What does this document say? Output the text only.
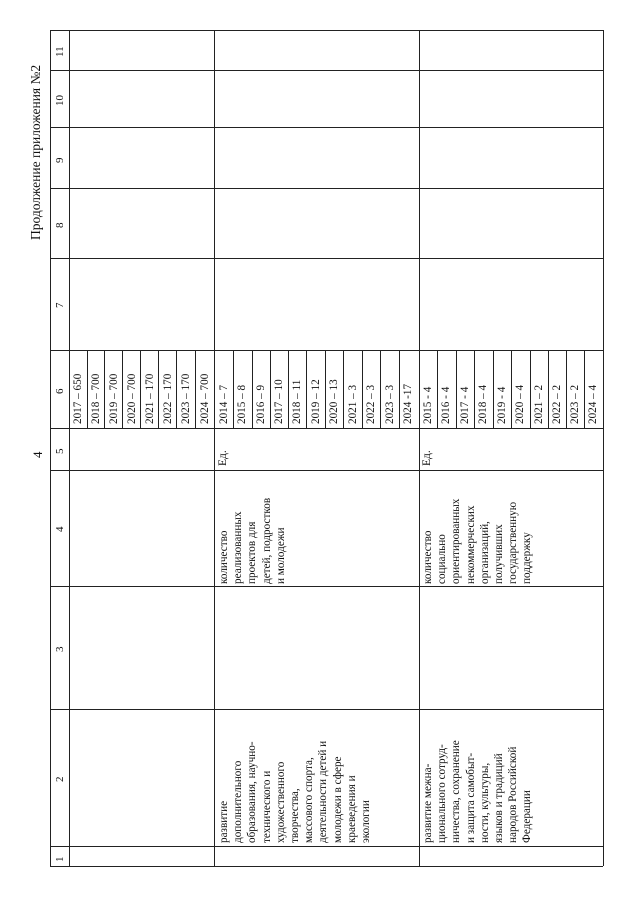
4
Продолжение приложения №2
1
2
3
4
5
6
7
8
9
10
11
2017 – 650 2018 – 700 2019 – 700 2020 – 700 2021 – 170 2022 – 170 2023 – 170 2024 – 700
развитие дополнительного образования, научно- технического и художественного творчества, массового спорта, деятельности детей и молодежи в сфере краеведения и экологии
количество реализованных проектов для детей, подростков и молодежи
Ед.
2014 – 7 2015 – 8 2016 – 9 2017 – 10 2018 – 11 2019 – 12 2020 – 13 2021 – 3 2022 – 3 2023 – 3 2024 -17
развитие межна- ционального сотруд- ничества, сохранение и защита самобыт- ности, культуры, языков и традиций народов Российской Федерации
количество социально ориентированных некоммерческих организаций, получивших государственную поддержку
Ед.
2015 - 4 2016 - 4 2017 - 4 2018 – 4 2019 - 4 2020 – 4 2021 – 2 2022 – 2 2023 – 2 2024 – 4
